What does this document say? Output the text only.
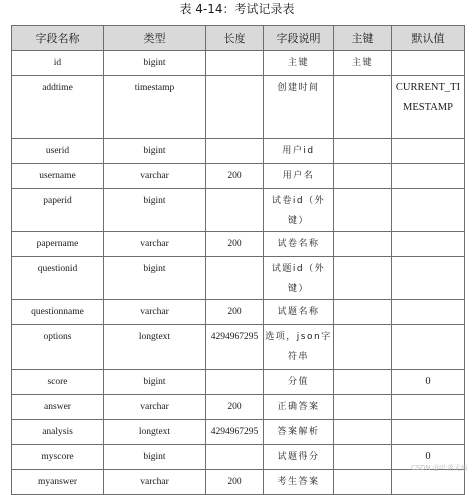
表 4-14：考试记录表
字段名称	类型	长度	字段说明	主键	默认值
id	bigint		主键	主键	
addtime	timestamp		创建时间		CURRENT_TIMESTAMP

userid	bigint		用户id		
username	varchar	200	用户名		
paperid	bigint		试卷id（外键）		
papername	varchar	200	试卷名称		
questionid	bigint		试题id（外键）		
questionname	varchar	200	试题名称		
options	longtext	4294967295	选项，json字符串		
score	bigint		分值		0
answer	varchar	200	正确答案		
analysis	longtext	4294967295	答案解析		
myscore	bigint		试题得分		0
myanswer	varchar	200	考生答案		
CSDN @叶落无痕
